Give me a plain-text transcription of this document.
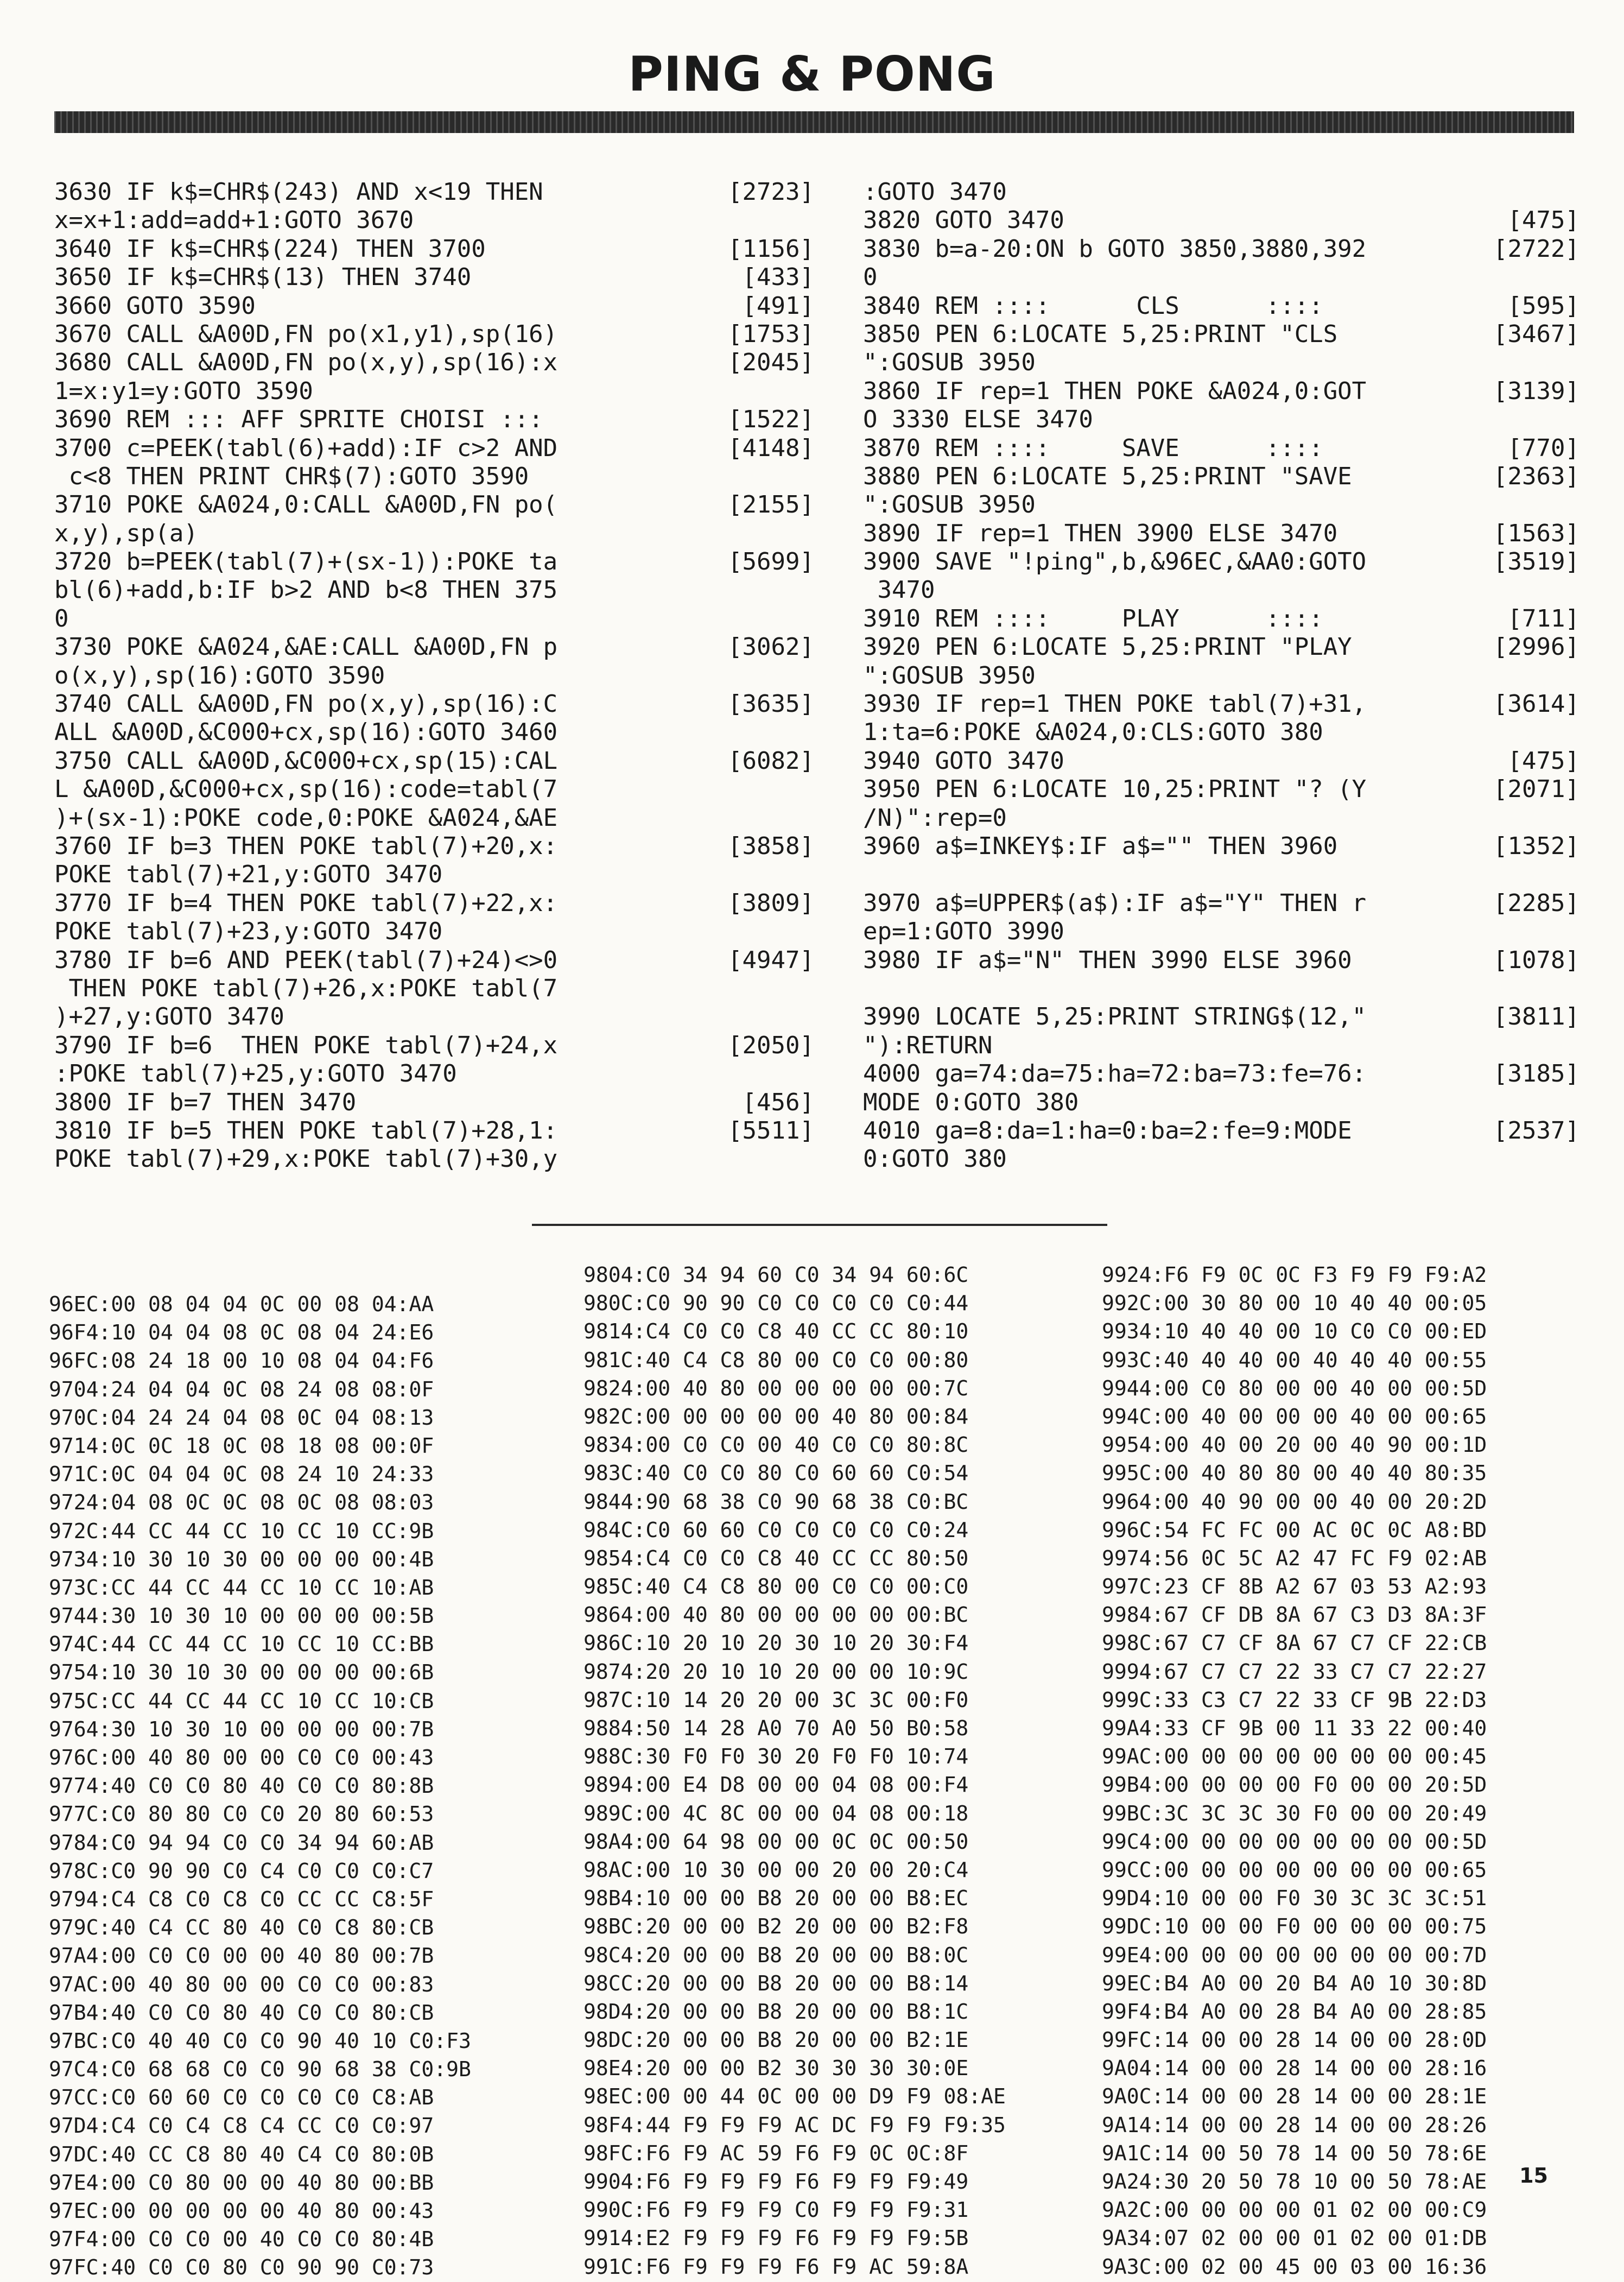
PING & PONG
3630 IF k$=CHR$(243) AND x<19 THEN	[2723]
x=x+1:add=add+1:GOTO 3670
3640 IF k$=CHR$(224) THEN 3700	[1156]
3650 IF k$=CHR$(13) THEN 3740	[433]
3660 GOTO 3590	[491]
3670 CALL &A00D,FN po(x1,y1),sp(16)	[1753]
3680 CALL &A00D,FN po(x,y),sp(16):x	[2045]
1=x:y1=y:GOTO 3590
3690 REM ::: AFF SPRITE CHOISI :::	[1522]
3700 c=PEEK(tabl(6)+add):IF c>2 AND	[4148]
c<8 THEN PRINT CHR$(7):GOTO 3590
3710 POKE &A024,0:CALL &A00D,FN po(	[2155]
x,y),sp(a)
3720 b=PEEK(tabl(7)+(sx-1)):POKE ta	[5699]
bl(6)+add,b:IF b>2 AND b<8 THEN 375
0
3730 POKE &A024,&AE:CALL &A00D,FN p	[3062]
o(x,y),sp(16):GOTO 3590
3740 CALL &A00D,FN po(x,y),sp(16):C	[3635]
ALL &A00D,&C000+cx,sp(16):GOTO 3460
3750 CALL &A00D,&C000+cx,sp(15):CAL	[6082]
L &A00D,&C000+cx,sp(16):code=tabl(7
)+(sx-1):POKE code,0:POKE &A024,&AE
3760 IF b=3 THEN POKE tabl(7)+20,x:	[3858]
POKE tabl(7)+21,y:GOTO 3470
3770 IF b=4 THEN POKE tabl(7)+22,x:	[3809]
POKE tabl(7)+23,y:GOTO 3470
3780 IF b=6 AND PEEK(tabl(7)+24)<>0	[4947]
THEN POKE tabl(7)+26,x:POKE tabl(7
)+27,y:GOTO 3470
3790 IF b=6  THEN POKE tabl(7)+24,x	[2050]
:POKE tabl(7)+25,y:GOTO 3470
3800 IF b=7 THEN 3470	[456]
3810 IF b=5 THEN POKE tabl(7)+28,1:	[5511]
POKE tabl(7)+29,x:POKE tabl(7)+30,y
:GOTO 3470
3820 GOTO 3470	[475]
3830 b=a-20:ON b GOTO 3850,3880,392	[2722]
0
3840 REM ::::      CLS      ::::	[595]
3850 PEN 6:LOCATE 5,25:PRINT "CLS	[3467]
":GOSUB 3950
3860 IF rep=1 THEN POKE &A024,0:GOT	[3139]
O 3330 ELSE 3470
3870 REM ::::     SAVE      ::::	[770]
3880 PEN 6:LOCATE 5,25:PRINT "SAVE	[2363]
":GOSUB 3950
3890 IF rep=1 THEN 3900 ELSE 3470	[1563]
3900 SAVE "!ping",b,&96EC,&AA0:GOTO	[3519]
3470
3910 REM ::::     PLAY      ::::	[711]
3920 PEN 6:LOCATE 5,25:PRINT "PLAY	[2996]
":GOSUB 3950
3930 IF rep=1 THEN POKE tabl(7)+31,	[3614]
1:ta=6:POKE &A024,0:CLS:GOTO 380
3940 GOTO 3470	[475]
3950 PEN 6:LOCATE 10,25:PRINT "? (Y	[2071]
/N)":rep=0
3960 a$=INKEY$:IF a$="" THEN 3960	[1352]
3970 a$=UPPER$(a$):IF a$="Y" THEN r	[2285]
ep=1:GOTO 3990
3980 IF a$="N" THEN 3990 ELSE 3960	[1078]
3990 LOCATE 5,25:PRINT STRING$(12,"	[3811]
"):RETURN
4000 ga=74:da=75:ha=72:ba=73:fe=76:	[3185]
MODE 0:GOTO 380
4010 ga=8:da=1:ha=0:ba=2:fe=9:MODE	[2537]
0:GOTO 380
96EC:00 08 04 04 0C 00 08 04:AA
96F4:10 04 04 08 0C 08 04 24:E6
96FC:08 24 18 00 10 08 04 04:F6
9704:24 04 04 0C 08 24 08 08:0F
970C:04 24 24 04 08 0C 04 08:13
9714:0C 0C 18 0C 08 18 08 00:0F
971C:0C 04 04 0C 08 24 10 24:33
9724:04 08 0C 0C 08 0C 08 08:03
972C:44 CC 44 CC 10 CC 10 CC:9B
9734:10 30 10 30 00 00 00 00:4B
973C:CC 44 CC 44 CC 10 CC 10:AB
9744:30 10 30 10 00 00 00 00:5B
974C:44 CC 44 CC 10 CC 10 CC:BB
9754:10 30 10 30 00 00 00 00:6B
975C:CC 44 CC 44 CC 10 CC 10:CB
9764:30 10 30 10 00 00 00 00:7B
976C:00 40 80 00 00 C0 C0 00:43
9774:40 C0 C0 80 40 C0 C0 80:8B
977C:C0 80 80 C0 C0 20 80 60:53
9784:C0 94 94 C0 C0 34 94 60:AB
978C:C0 90 90 C0 C4 C0 C0 C0:C7
9794:C4 C8 C0 C8 C0 CC CC C8:5F
979C:40 C4 CC 80 40 C0 C8 80:CB
97A4:00 C0 C0 00 00 40 80 00:7B
97AC:00 40 80 00 00 C0 C0 00:83
97B4:40 C0 C0 80 40 C0 C0 80:CB
97BC:C0 40 40 C0 C0 90 40 10 C0:F3
97C4:C0 68 68 C0 C0 90 68 38 C0:9B
97CC:C0 60 60 C0 C0 C0 C0 C8:AB
97D4:C4 C0 C4 C8 C4 CC C0 C0:97
97DC:40 CC C8 80 40 C4 C0 80:0B
97E4:00 C0 80 00 00 40 80 00:BB
97EC:00 00 00 00 00 40 80 00:43
97F4:00 C0 C0 00 40 C0 C0 80:4B
97FC:40 C0 C0 80 C0 90 90 C0:73
9804:C0 34 94 60 C0 34 94 60:6C
980C:C0 90 90 C0 C0 C0 C0 C0:44
9814:C4 C0 C0 C8 40 CC CC 80:10
981C:40 C4 C8 80 00 C0 C0 00:80
9824:00 40 80 00 00 00 00 00:7C
982C:00 00 00 00 00 40 80 00:84
9834:00 C0 C0 00 40 C0 C0 80:8C
983C:40 C0 C0 80 C0 60 60 C0:54
9844:90 68 38 C0 90 68 38 C0:BC
984C:C0 60 60 C0 C0 C0 C0 C0:24
9854:C4 C0 C0 C8 40 CC CC 80:50
985C:40 C4 C8 80 00 C0 C0 00:C0
9864:00 40 80 00 00 00 00 00:BC
986C:10 20 10 20 30 10 20 30:F4
9874:20 20 10 10 20 00 00 10:9C
987C:10 14 20 20 00 3C 3C 00:F0
9884:50 14 28 A0 70 A0 50 B0:58
988C:30 F0 F0 30 20 F0 F0 10:74
9894:00 E4 D8 00 00 04 08 00:F4
989C:00 4C 8C 00 00 04 08 00:18
98A4:00 64 98 00 00 0C 0C 00:50
98AC:00 10 30 00 00 20 00 20:C4
98B4:10 00 00 B8 20 00 00 B8:EC
98BC:20 00 00 B2 20 00 00 B2:F8
98C4:20 00 00 B8 20 00 00 B8:0C
98CC:20 00 00 B8 20 00 00 B8:14
98D4:20 00 00 B8 20 00 00 B8:1C
98DC:20 00 00 B8 20 00 00 B2:1E
98E4:20 00 00 B2 30 30 30 30:0E
98EC:00 00 44 0C 00 00 D9 F9 08:AE
98F4:44 F9 F9 F9 AC DC F9 F9 F9:35
98FC:F6 F9 AC 59 F6 F9 0C 0C:8F
9904:F6 F9 F9 F9 F6 F9 F9 F9:49
990C:F6 F9 F9 F9 C0 F9 F9 F9:31
9914:E2 F9 F9 F9 F6 F9 F9 F9:5B
991C:F6 F9 F9 F9 F6 F9 AC 59:8A
9924:F6 F9 0C 0C F3 F9 F9 F9:A2
992C:00 30 80 00 10 40 40 00:05
9934:10 40 40 00 10 C0 C0 00:ED
993C:40 40 40 00 40 40 40 00:55
9944:00 C0 80 00 00 40 00 00:5D
994C:00 40 00 00 00 40 00 00:65
9954:00 40 00 20 00 40 90 00:1D
995C:00 40 80 80 00 40 40 80:35
9964:00 40 90 00 00 40 00 20:2D
996C:54 FC FC 00 AC 0C 0C A8:BD
9974:56 0C 5C A2 47 FC F9 02:AB
997C:23 CF 8B A2 67 03 53 A2:93
9984:67 CF DB 8A 67 C3 D3 8A:3F
998C:67 C7 CF 8A 67 C7 CF 22:CB
9994:67 C7 C7 22 33 C7 C7 22:27
999C:33 C3 C7 22 33 CF 9B 22:D3
99A4:33 CF 9B 00 11 33 22 00:40
99AC:00 00 00 00 00 00 00 00:45
99B4:00 00 00 00 F0 00 00 20:5D
99BC:3C 3C 3C 30 F0 00 00 20:49
99C4:00 00 00 00 00 00 00 00:5D
99CC:00 00 00 00 00 00 00 00:65
99D4:10 00 00 F0 30 3C 3C 3C:51
99DC:10 00 00 F0 00 00 00 00:75
99E4:00 00 00 00 00 00 00 00:7D
99EC:B4 A0 00 20 B4 A0 10 30:8D
99F4:B4 A0 00 28 B4 A0 00 28:85
99FC:14 00 00 28 14 00 00 28:0D
9A04:14 00 00 28 14 00 00 28:16
9A0C:14 00 00 28 14 00 00 28:1E
9A14:14 00 00 28 14 00 00 28:26
9A1C:14 00 50 78 14 00 50 78:6E
9A24:30 20 50 78 10 00 50 78:AE
9A2C:00 00 00 00 01 02 00 00:C9
9A34:07 02 00 00 01 02 00 01:DB
9A3C:00 02 00 45 00 03 00 16:36
15
